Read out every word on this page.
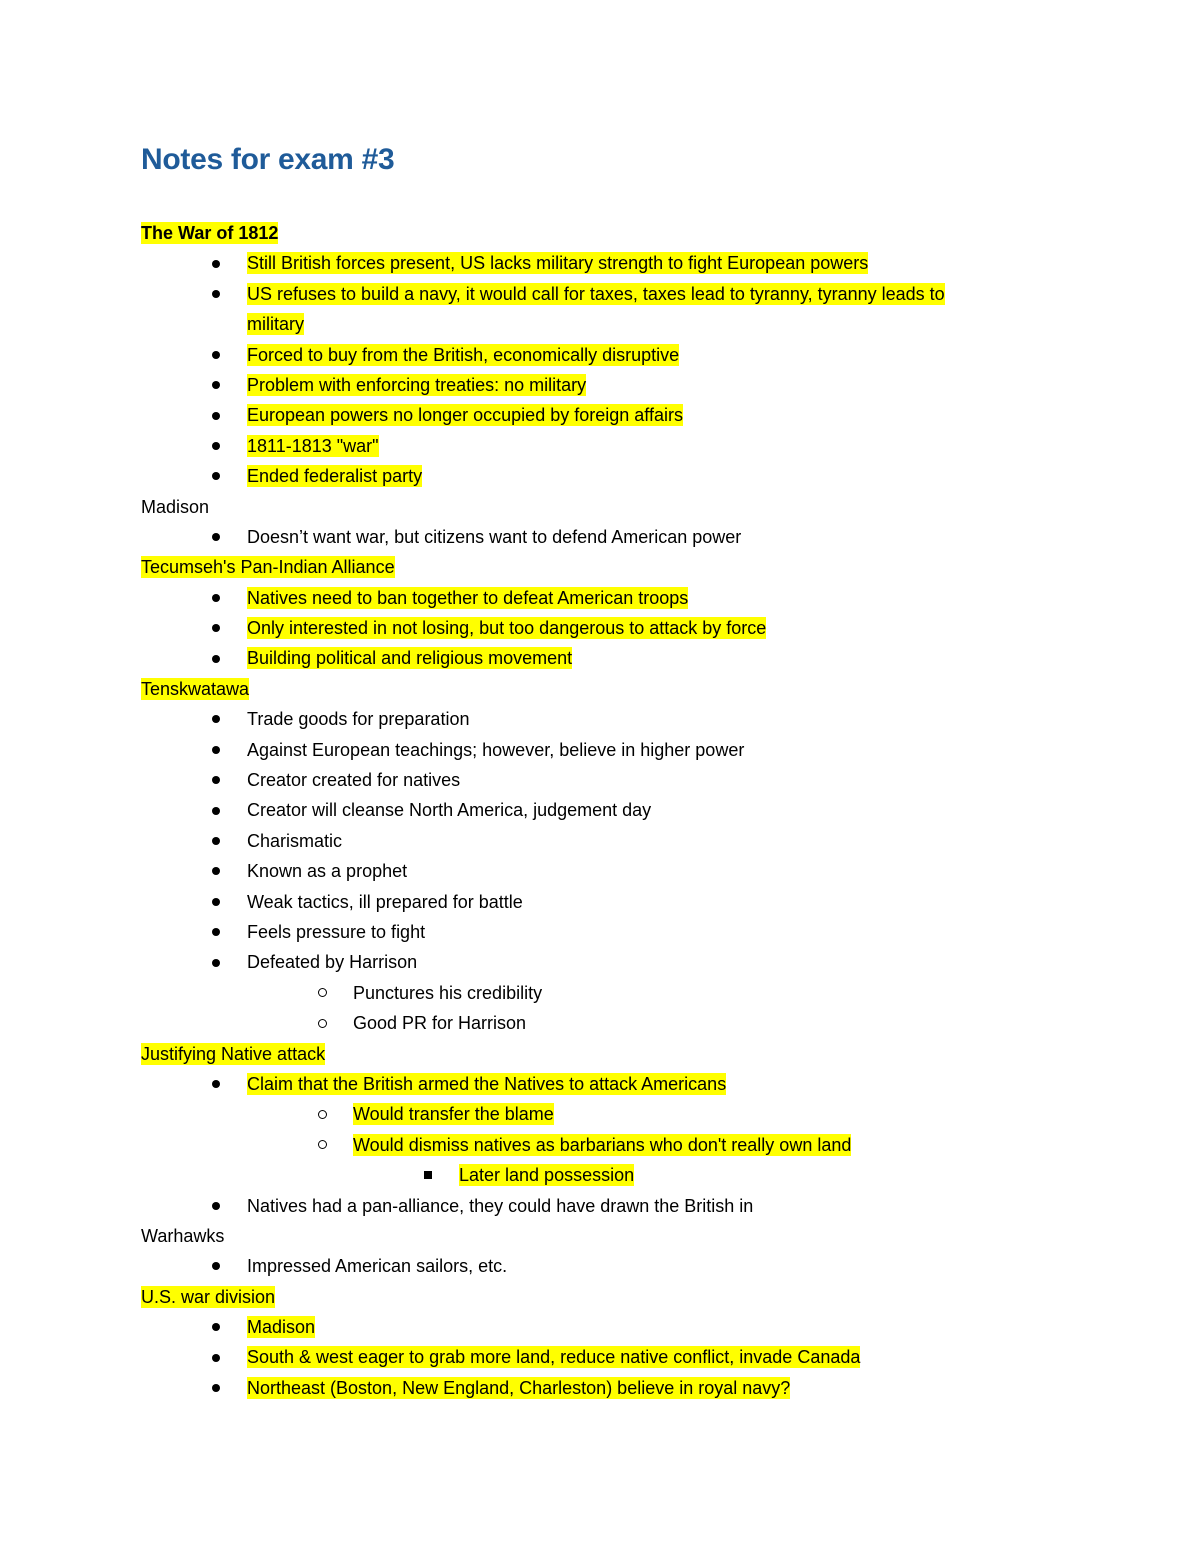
Notes for exam #3
The War of 1812
Still British forces present, US lacks military strength to fight European powers
US refuses to build a navy, it would call for taxes, taxes lead to tyranny, tyranny leads to
military
Forced to buy from the British, economically disruptive
Problem with enforcing treaties: no military
European powers no longer occupied by foreign affairs
1811-1813 "war"
Ended federalist party
Madison
Doesn’t want war, but citizens want to defend American power
Tecumseh's Pan-Indian Alliance
Natives need to ban together to defeat American troops
Only interested in not losing, but too dangerous to attack by force
Building political and religious movement
Tenskwatawa
Trade goods for preparation
Against European teachings; however, believe in higher power
Creator created for natives
Creator will cleanse North America, judgement day
Charismatic
Known as a prophet
Weak tactics, ill prepared for battle
Feels pressure to fight
Defeated by Harrison
Punctures his credibility
Good PR for Harrison
Justifying Native attack
Claim that the British armed the Natives to attack Americans
Would transfer the blame
Would dismiss natives as barbarians who don't really own land
Later land possession
Natives had a pan-alliance, they could have drawn the British in
Warhawks
Impressed American sailors, etc.
U.S. war division
Madison
South & west eager to grab more land, reduce native conflict, invade Canada
Northeast (Boston, New England, Charleston) believe in royal navy?
